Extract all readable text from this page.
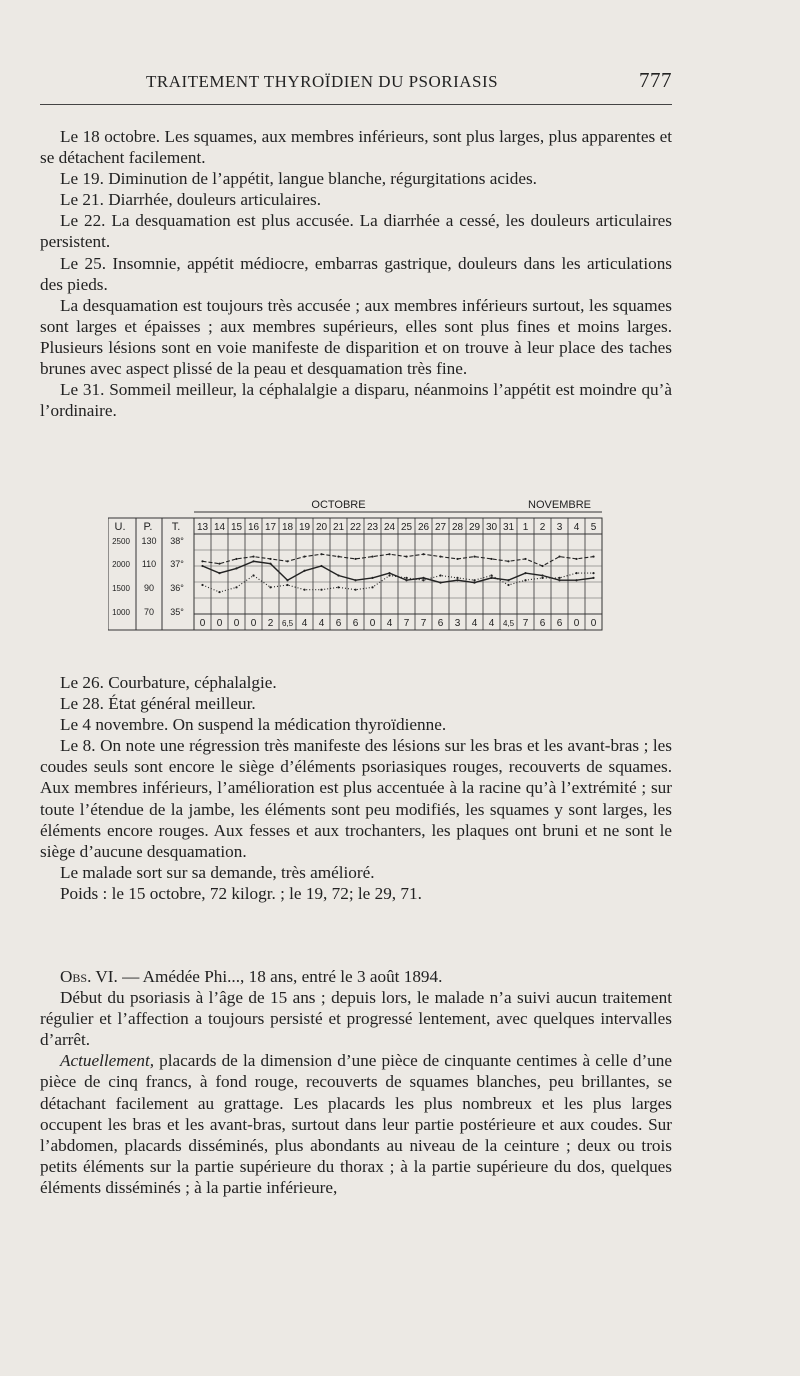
TRAITEMENT THYROÏDIEN DU PSORIASIS	777

Le 18 octobre. Les squames, aux membres inférieurs, sont plus larges, plus apparentes et se détachent facilement.

Le 19. Diminution de l’appétit, langue blanche, régurgitations acides.

Le 21. Diarrhée, douleurs articulaires.

Le 22. La desquamation est plus accusée. La diarrhée a cessé, les douleurs articulaires persistent.

Le 25. Insomnie, appétit médiocre, embarras gastrique, douleurs dans les articulations des pieds.

La desquamation est toujours très accusée ; aux membres inférieurs surtout, les squames sont larges et épaisses ; aux membres supérieurs, elles sont plus fines et moins larges. Plusieurs lésions sont en voie manifeste de disparition et on trouve à leur place des taches brunes avec aspect plissé de la peau et desquamation très fine.

Le 31. Sommeil meilleur, la céphalalgie a disparu, néanmoins l’appétit est moindre qu’à l’ordinaire.

OCTOBRE	NOVEMBRE
U. P. T.
2500
2000
1500
1000
130
110
90
70
38°
37°
36°
35°
13 14 15 16 17 18 19 20 21 22 23 24 25 26 27 28 29 30 31 1 2 3 4 5
0 0 0 0 2 6,5 4 4 6 6 0 4 7 7 6 3 4 4 4,5 7 6 6 0 0

Le 26. Courbature, céphalalgie.

Le 28. État général meilleur.

Le 4 novembre. On suspend la médication thyroïdienne.

Le 8. On note une régression très manifeste des lésions sur les bras et les avant-bras ; les coudes seuls sont encore le siège d’éléments psoriasiques rouges, recouverts de squames. Aux membres inférieurs, l’amélioration est plus accentuée à la racine qu’à l’extrémité ; sur toute l’étendue de la jambe, les éléments sont peu modifiés, les squames y sont larges, les éléments encore rouges. Aux fesses et aux trochanters, les plaques ont bruni et ne sont le siège d’aucune desquamation.

Le malade sort sur sa demande, très amélioré.

Poids : le 15 octobre, 72 kilogr. ; le 19, 72; le 29, 71.

Obs. VI. — Amédée Phi..., 18 ans, entré le 3 août 1894.

Début du psoriasis à l’âge de 15 ans ; depuis lors, le malade n’a suivi aucun traitement régulier et l’affection a toujours persisté et progressé lentement, avec quelques intervalles d’arrêt.

Actuellement, placards de la dimension d’une pièce de cinquante centimes à celle d’une pièce de cinq francs, à fond rouge, recouverts de squames blanches, peu brillantes, se détachant facilement au grattage. Les placards les plus nombreux et les plus larges occupent les bras et les avant-bras, surtout dans leur partie postérieure et aux coudes. Sur l’abdomen, placards disséminés, plus abondants au niveau de la ceinture ; deux ou trois petits éléments sur la partie supérieure du thorax ; à la partie supérieure du dos, quelques éléments disséminés ; à la partie inférieure,
